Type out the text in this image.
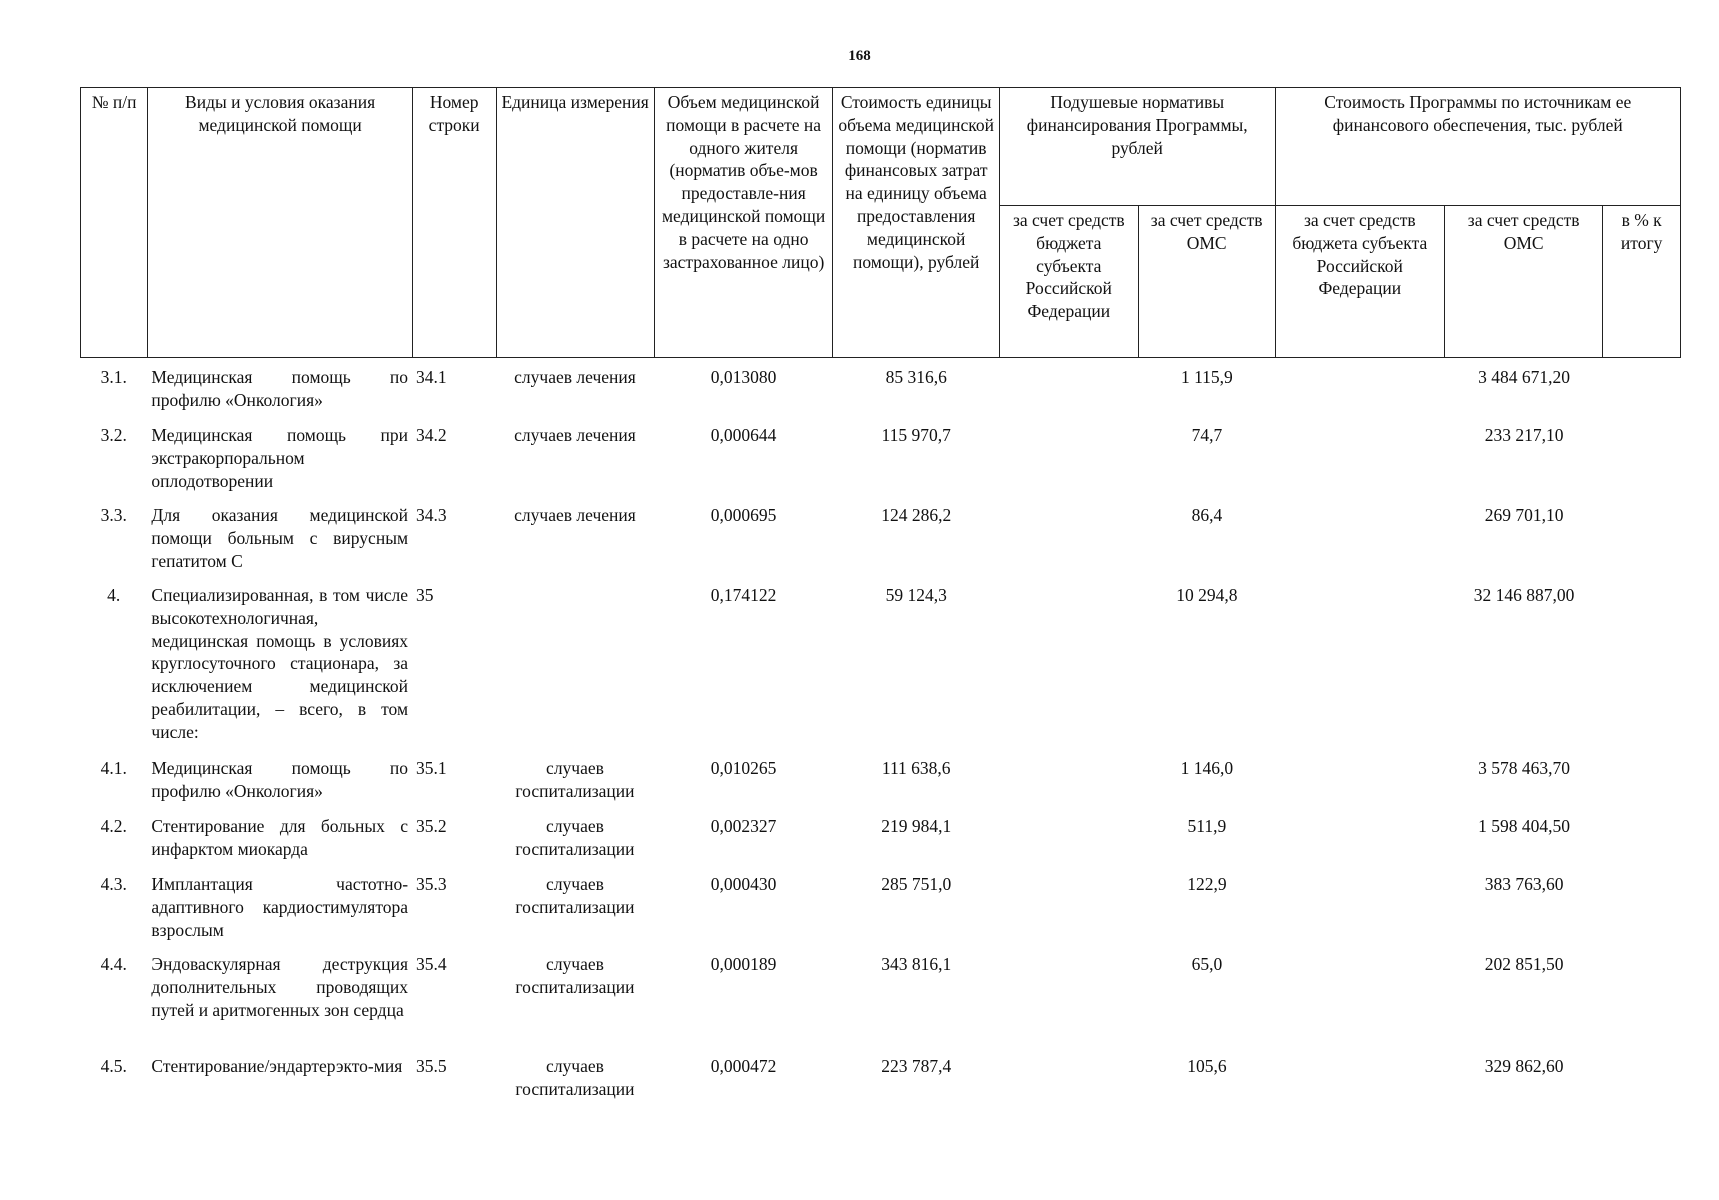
168
№ п/п	Виды и условия оказания медицинской помощи	Номер строки	Единица измерения	Объем медицинской помощи в расчете на одного жителя (норматив объе-мов предоставле-ния медицинской помощи в расчете на одно застрахованное лицо)	Стоимость единицы объема медицинской помощи (норматив финансовых затрат на единицу объема предоставления медицинской помощи), рублей	Подушевые нормативы финансирования Программы, рублей		Стоимость Программы по источникам ее финансового обеспечения, тыс. рублей		
						за счет средств бюджета субъекта Российской Федерации	за счет средств ОМС	за счет средств бюджета субъекта Российской Федерации	за счет средств ОМС	в % к итогу
3.1.	Медицинская помощь по профилю «Онкология»	34.1	случаев лечения	0,013080	85 316,6		1 115,9		3 484 671,20	
3.2.	Медицинская помощь при экстракорпоральном оплодотворении	34.2	случаев лечения	0,000644	115 970,7		74,7		233 217,10	
3.3.	Для оказания медицинской помощи больным с вирусным гепатитом С	34.3	случаев лечения	0,000695	124 286,2		86,4		269 701,10	
4.	Специализированная, в том числе высокотехнологичная, медицинская помощь в условиях круглосуточного стационара, за исключением медицинской реабилитации, – всего, в том числе:	35		0,174122	59 124,3		10 294,8		32 146 887,00	
4.1.	Медицинская помощь по профилю «Онкология»	35.1	случаев госпитализации	0,010265	111 638,6		1 146,0		3 578 463,70	
4.2.	Стентирование для больных с инфарктом миокарда	35.2	случаев госпитализации	0,002327	219 984,1		511,9		1 598 404,50	
4.3.	Имплантация частотно-адаптивного кардиостимулятора взрослым	35.3	случаев госпитализации	0,000430	285 751,0		122,9		383 763,60	
4.4.	Эндоваскулярная деструкция дополнительных проводящих путей и аритмогенных зон сердца	35.4	случаев госпитализации	0,000189	343 816,1		65,0		202 851,50	
4.5.	Стентирование/эндартерэкто-мия	35.5	случаев госпитализации	0,000472	223 787,4		105,6		329 862,60	
